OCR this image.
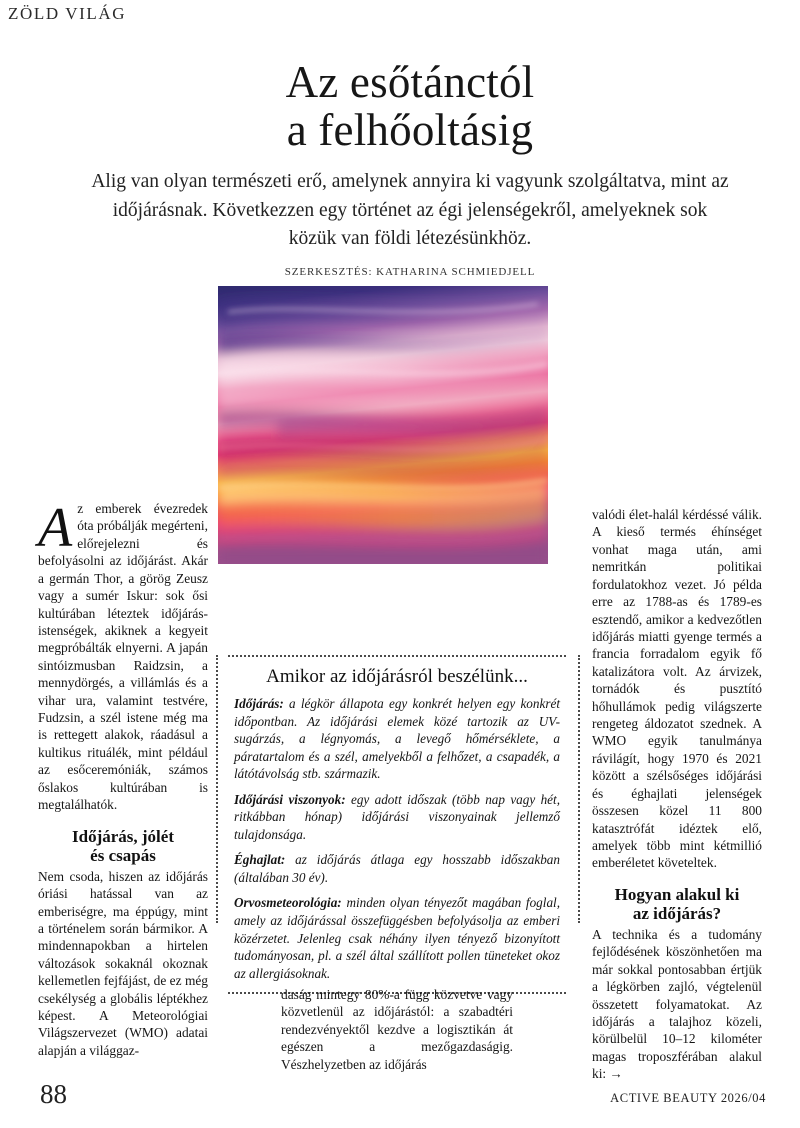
ZÖLD VILÁG
Az esőtánctól
a felhőoltásig
Alig van olyan természeti erő, amelynek annyira ki vagyunk szolgáltatva, mint az időjárásnak. Következzen egy történet az égi jelenségekről, amelyeknek sok közük van földi létezésünkhöz.
SZERKESZTÉS: KATHARINA SCHMIEDJELL
Amikor az időjárásról beszélünk...

Időjárás: a légkör állapota egy konkrét helyen egy konkrét időpontban. Az időjárási elemek közé tartozik az UV-sugárzás, a légnyomás, a levegő hőmérséklete, a páratartalom és a szél, amelyekből a felhőzet, a csapadék, a látótávolság stb. származik.

Időjárási viszonyok: egy adott időszak (több nap vagy hét, ritkábban hónap) időjárási viszonyainak jellemző tulajdonsága.

Éghajlat: az időjárás átlaga egy hosszabb időszakban (általában 30 év).

Orvosmeteorológia: minden olyan tényezőt magában foglal, amely az időjárással összefüggésben befolyásolja az emberi közérzetet. Jelenleg csak néhány ilyen tényező bizonyított tudományosan, pl. a szél által szállított pollen tüneteket okoz az allergiásoknak.

Az emberek évezredek óta próbálják megérteni, előrejelezni és befolyásolni az időjárást. Akár a germán Thor, a görög Zeusz vagy a sumér Iskur: sok ősi kultúrában léteztek időjárás-istenségek, akiknek a kegyeit megpróbálták elnyerni. A japán sintóizmusban Raidzsin, a mennydörgés, a villámlás és a vihar ura, valamint testvére, Fudzsin, a szél istene még ma is rettegett alakok, ráadásul a kultikus rituálék, mint például az esőceremóniák, számos őslakos kultúrában is megtalálhatók.

Időjárás, jólét
és csapás

Nem csoda, hiszen az időjárás óriási hatással van az emberiségre, ma éppúgy, mint a történelem során bármikor. A mindennapokban a hirtelen változások sokaknál okoznak kellemetlen fejfájást, de ez még csekélység a globális léptékhez képest. A Meteorológiai Világszervezet (WMO) adatai alapján a világgaz-

daság mintegy 80%-a függ közvetve vagy közvetlenül az időjárástól: a szabadtéri rendezvényektől kezdve a logisztikán át egészen a mezőgazdaságig. Vészhelyzetben az időjárás

valódi élet-halál kérdéssé válik. A kieső termés éhínséget vonhat maga után, ami nemritkán politikai fordulatokhoz vezet. Jó példa erre az 1788-as és 1789-es esztendő, amikor a kedvezőtlen időjárás miatti gyenge termés a francia forradalom egyik fő katalizátora volt. Az árvizek, tornádók és pusztító hőhullámok pedig világszerte rengeteg áldozatot szednek. A WMO egyik tanulmánya rávilágít, hogy 1970 és 2021 között a szélsőséges időjárási és éghajlati jelenségek összesen közel 11 800 katasztrófát idéztek elő, amelyek több mint kétmillió emberéletet követeltek.

Hogyan alakul ki
az időjárás?

A technika és a tudomány fejlődésének köszönhetően ma már sokkal pontosabban értjük a légkörben zajló, végtelenül összetett folyamatokat. Az időjárás a talajhoz közeli, körülbelül 10–12 kilométer magas troposzférában alakul ki: →

88	ACTIVE BEAUTY 2026/04
